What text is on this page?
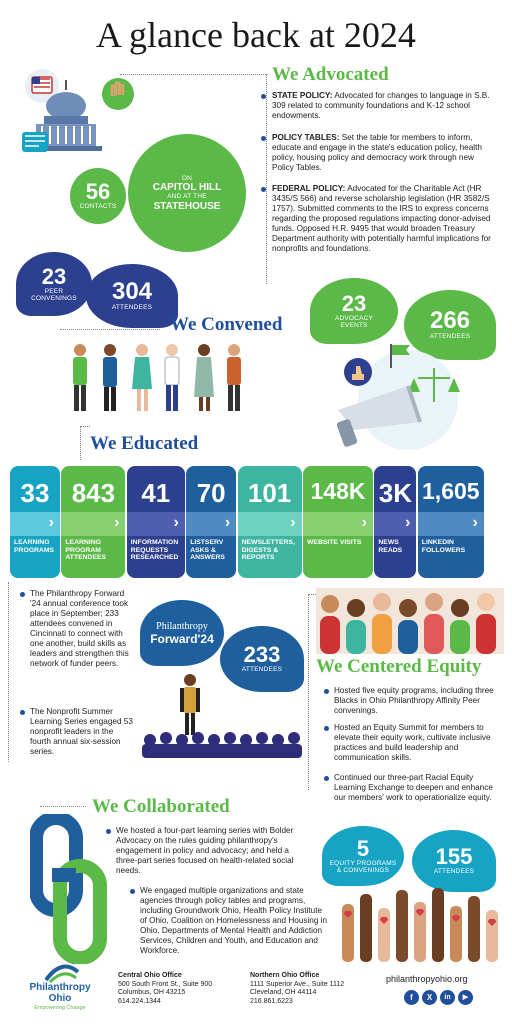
A glance back at 2024
56
CONTACTS
ON
CAPITOL HILL
AND AT THE
STATEHOUSE
We Advocated
STATE POLICY: Advocated for changes to language in S.B. 309 related to community foundations and K-12 school endowments.
POLICY TABLES: Set the table for members to inform, educate and engage in the state's education policy, health policy, housing policy and democracy work through new Policy Tables.
FEDERAL POLICY: Advocated for the Charitable Act (HR 3435/S 566) and reverse scholarship legislation (HR 3582/S 1757). Submitted comments to the IRS to express concerns regarding the proposed regulations impacting donor-advised funds. Opposed H.R. 9495 that would broaden Treasury Department authority with potentially harmful implications for nonprofits and foundations.
23
PEER
CONVENINGS 304
ATTENDEES
We Convened
23
ADVOCACY
EVENTS	266
ATTENDEES
We Educated
33
›
LEARNING PROGRAMS
843
›
LEARNING PROGRAM ATTENDEES
41
›
INFORMATION REQUESTS RESEARCHED
70
›
LISTSERV ASKS & ANSWERS
101
›
NEWSLETTERS, DIGESTS & REPORTS
148K
›
WEBSITE VISITS
3K
›
NEWS READS
1,605
›
LINKEDIN FOLLOWERS
The Philanthropy Forward '24 annual conference took place in September; 233 attendees convened in Cincinnati to connect with one another, build skills as leaders and strengthen this network of funder peers.
The Nonprofit Summer Learning Series engaged 53 nonprofit leaders in the fourth annual six-session series.
Philanthropy
Forward'24
233
ATTENDEES We Centered Equity
Hosted five equity programs, including three Blacks in Ohio Philanthropy Affinity Peer convenings.
Hosted an Equity Summit for members to elevate their equity work, cultivate inclusive practices and build leadership and communication skills.
Continued our three-part Racial Equity Learning Exchange to deepen and enhance our members' work to operationalize equity.
We Collaborated
We hosted a four-part learning series with Bolder Advocacy on the rules guiding philanthropy's engagement in policy and advocacy; and held a three-part series focused on health-related social needs.
We engaged multiple organizations and state agencies through policy tables and programs, including Groundwork Ohio, Health Policy Institute of Ohio, Coalition on Homelessness and Housing in Ohio, Departments of Mental Health and Addiction Services, Children and Youth, and Education and Workforce.
5
EQUITY PROGRAMS & CONVENINGS
155
ATTENDEES
Philanthropy
Ohio
Empowering Change
Central Ohio Office
500 South Front St., Suite 900
Columbus, OH 43215
614.224.1344
Northern Ohio Office
1111 Superior Ave., Suite 1112
Cleveland, OH 44114
216.861.6223
philanthropyohio.org
f	X	in	▶
